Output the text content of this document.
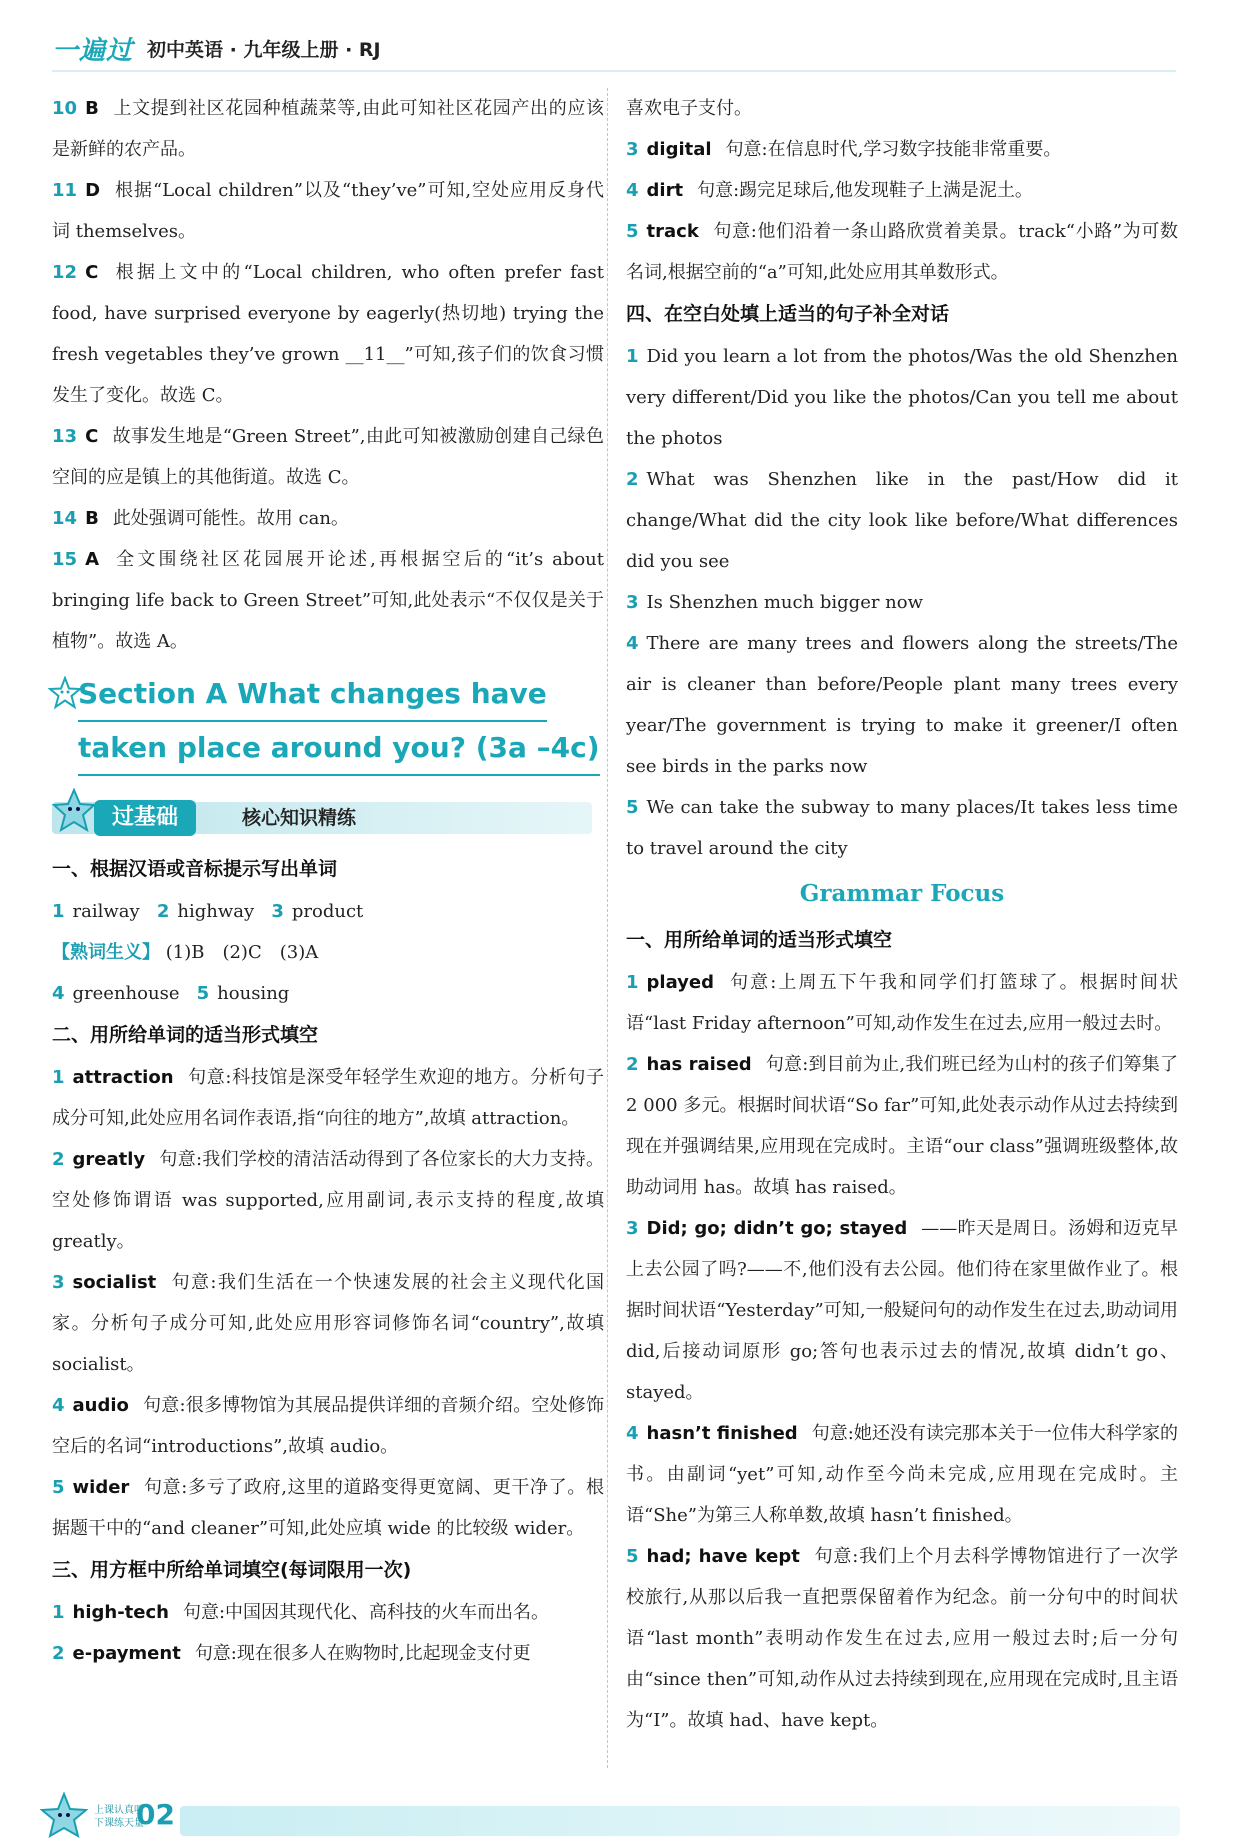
一遍过 初中英语 · 九年级上册 · RJ

10 B 上文提到社区花园种植蔬菜等,由此可知社区花园产出的应该是新鲜的农产品。

11 D 根据“Local children”以及“they’ve”可知,空处应用反身代词 themselves。

12 C 根据上文中的“Local children, who often prefer fast food, have surprised everyone by eagerly(热切地) trying the fresh vegetables they’ve grown __11__”可知,孩子们的饮食习惯发生了变化。故选 C。

13 C 故事发生地是“Green Street”,由此可知被激励创建自己绿色空间的应是镇上的其他街道。故选 C。

14 B 此处强调可能性。故用 can。

15 A 全文围绕社区花园展开论述,再根据空后的“it’s about bringing life back to Green Street”可知,此处表示“不仅仅是关于植物”。故选 A。

Section A What changes have
taken place around you? (3a –4c)
过基础	核心知识精练

一、根据汉语或音标提示写出单词

1 railway 2 highway 3 product

【熟词生义】 (1)B　(2)C　(3)A

4 greenhouse 5 housing

二、用所给单词的适当形式填空

1 attraction 句意:科技馆是深受年轻学生欢迎的地方。分析句子成分可知,此处应用名词作表语,指“向往的地方”,故填 attraction。

2 greatly 句意:我们学校的清洁活动得到了各位家长的大力支持。空处修饰谓语 was supported,应用副词,表示支持的程度,故填 greatly。

3 socialist 句意:我们生活在一个快速发展的社会主义现代化国家。分析句子成分可知,此处应用形容词修饰名词“country”,故填 socialist。

4 audio 句意:很多博物馆为其展品提供详细的音频介绍。空处修饰空后的名词“introductions”,故填 audio。

5 wider 句意:多亏了政府,这里的道路变得更宽阔、更干净了。根据题干中的“and cleaner”可知,此处应填 wide 的比较级 wider。

三、用方框中所给单词填空(每词限用一次)

1 high-tech 句意:中国因其现代化、高科技的火车而出名。

2 e-payment 句意:现在很多人在购物时,比起现金支付更

喜欢电子支付。

3 digital 句意:在信息时代,学习数字技能非常重要。

4 dirt 句意:踢完足球后,他发现鞋子上满是泥土。

5 track 句意:他们沿着一条山路欣赏着美景。track“小路”为可数名词,根据空前的“a”可知,此处应用其单数形式。

四、在空白处填上适当的句子补全对话

1 Did you learn a lot from the photos/Was the old Shenzhen very different/Did you like the photos/Can you tell me about the photos

2 What was Shenzhen like in the past/How did it change/What did the city look like before/What differences did you see

3 Is Shenzhen much bigger now

4 There are many trees and flowers along the streets/The air is cleaner than before/People plant many trees every year/The government is trying to make it greener/I often see birds in the parks now

5 We can take the subway to many places/It takes less time to travel around the city

Grammar Focus

一、用所给单词的适当形式填空

1 played 句意:上周五下午我和同学们打篮球了。根据时间状语“last Friday afternoon”可知,动作发生在过去,应用一般过去时。

2 has raised 句意:到目前为止,我们班已经为山村的孩子们筹集了 2 000 多元。根据时间状语“So far”可知,此处表示动作从过去持续到现在并强调结果,应用现在完成时。主语“our class”强调班级整体,故助动词用 has。故填 has raised。

3 Did; go; didn’t go; stayed ——昨天是周日。汤姆和迈克早上去公园了吗?——不,他们没有去公园。他们待在家里做作业了。根据时间状语“Yesterday”可知,一般疑问句的动作发生在过去,助动词用 did,后接动词原形 go;答句也表示过去的情况,故填 didn’t go、stayed。

4 hasn’t finished 句意:她还没有读完那本关于一位伟大科学家的书。由副词“yet”可知,动作至今尚未完成,应用现在完成时。主语“She”为第三人称单数,故填 hasn’t finished。

5 had; have kept 句意:我们上个月去科学博物馆进行了一次学校旅行,从那以后我一直把票保留着作为纪念。前一分句中的时间状语“last month”表明动作发生在过去,应用一般过去时;后一分句由“since then”可知,动作从过去持续到现在,应用现在完成时,且主语为“I”。故填 had、have kept。

上课认真听
下课练天量
02
